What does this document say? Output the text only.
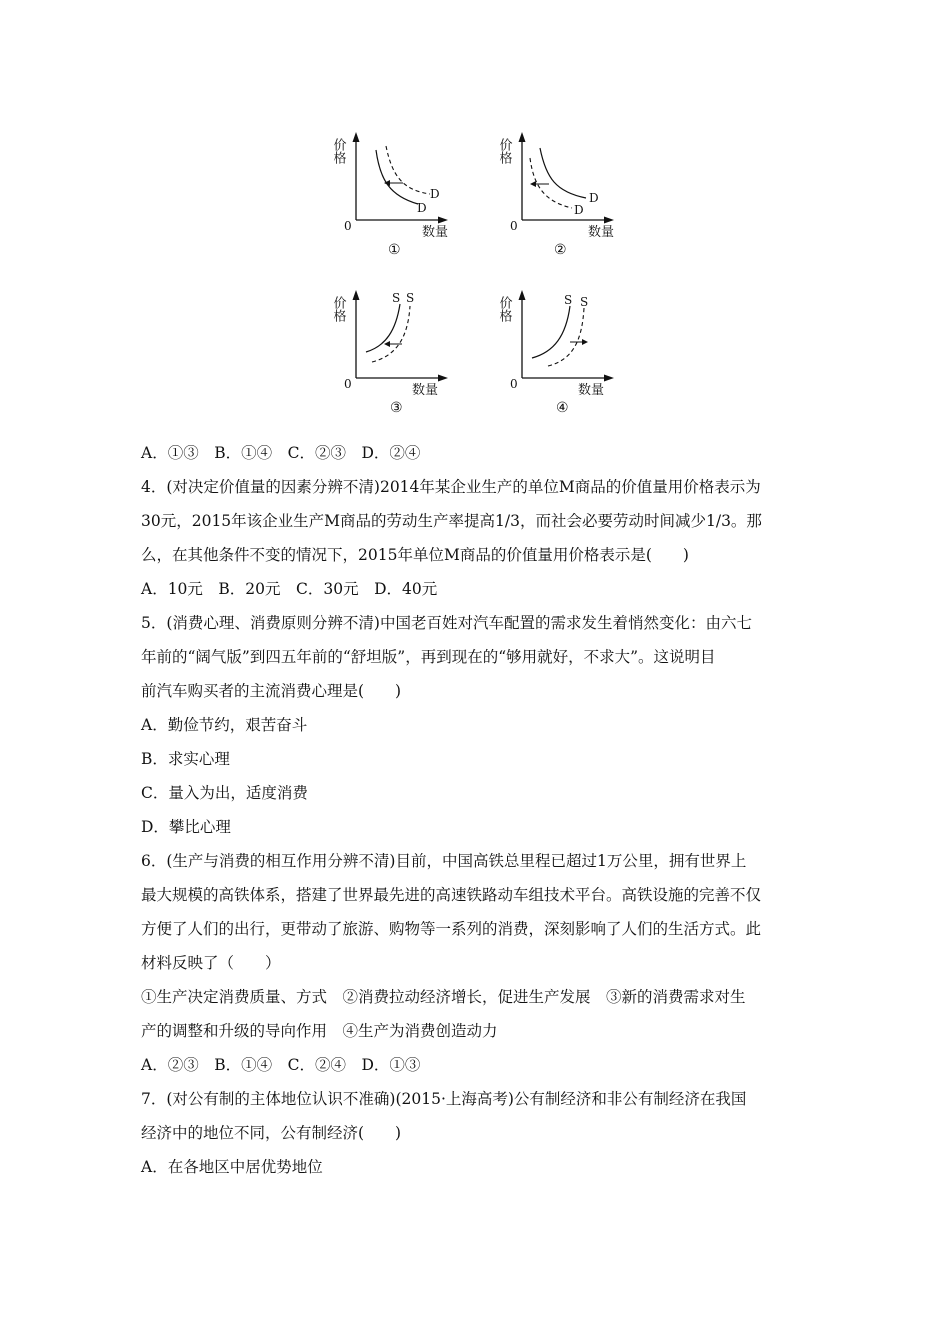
价格
0
D
D
数量
①
价格
0
D
D
数量
②
价格
0
S S
数量
③
价格
0
S S
数量
④
A．①③　B．①④　C．②③　D．②④
4．(对决定价值量的因素分辨不清)2014年某企业生产的单位M商品的价值量用价格表示为
30元，2015年该企业生产M商品的劳动生产率提高1/3，而社会必要劳动时间减少1/3。那
么，在其他条件不变的情况下，2015年单位M商品的价值量用价格表示是(　　)
A．10元　B．20元　C．30元　D．40元
5．(消费心理、消费原则分辨不清)中国老百姓对汽车配置的需求发生着悄然变化：由六七
年前的“阔气版”到四五年前的“舒坦版”，再到现在的“够用就好，不求大”。这说明目
前汽车购买者的主流消费心理是(　　)
A．勤俭节约，艰苦奋斗
B．求实心理
C．量入为出，适度消费
D．攀比心理
6．(生产与消费的相互作用分辨不清)目前，中国高铁总里程已超过1万公里，拥有世界上
最大规模的高铁体系，搭建了世界最先进的高速铁路动车组技术平台。高铁设施的完善不仅
方便了人们的出行，更带动了旅游、购物等一系列的消费，深刻影响了人们的生活方式。此
材料反映了（　　）
①生产决定消费质量、方式　②消费拉动经济增长，促进生产发展　③新的消费需求对生
产的调整和升级的导向作用　④生产为消费创造动力
A．②③　B．①④　C．②④　D．①③
7．(对公有制的主体地位认识不准确)(2015·上海高考)公有制经济和非公有制经济在我国
经济中的地位不同，公有制经济(　　)
A．在各地区中居优势地位
